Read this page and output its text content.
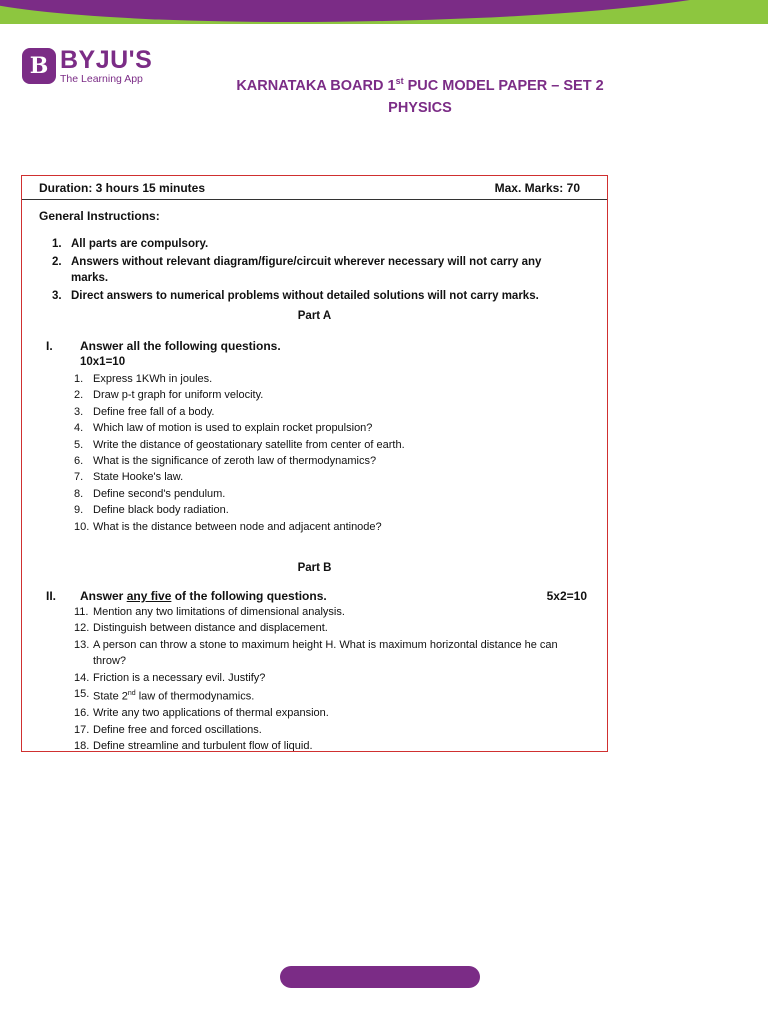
B BYJU'S
The Learning App	KARNATAKA BOARD 1st PUC MODEL PAPER – SET 2
PHYSICS

Duration: 3 hours 15 minutes	Max. Marks: 70
General Instructions:
1. All parts are compulsory.
2. Answers without relevant diagram/figure/circuit wherever necessary will not carry any marks.
3. Direct answers to numerical problems without detailed solutions will not carry marks.
Part A
I.	Answer all the following questions.
10x1=10
1. Express 1KWh in joules.
2. Draw p-t graph for uniform velocity.
3. Define free fall of a body.
4. Which law of motion is used to explain rocket propulsion?
5. Write the distance of geostationary satellite from center of earth.
6. What is the significance of zeroth law of thermodynamics?
7. State Hooke's law.
8. Define second's pendulum.
9. Define black body radiation.
10. What is the distance between node and adjacent antinode?
Part B
II.	Answer any five of the following questions.	5x2=10
11. Mention any two limitations of dimensional analysis.
12. Distinguish between distance and displacement.
13. A person can throw a stone to maximum height H. What is maximum horizontal distance he can throw?
14. Friction is a necessary evil. Justify?
15. State 2nd law of thermodynamics.
16. Write any two applications of thermal expansion.
17. Define free and forced oscillations.
18. Define streamline and turbulent flow of liquid.
